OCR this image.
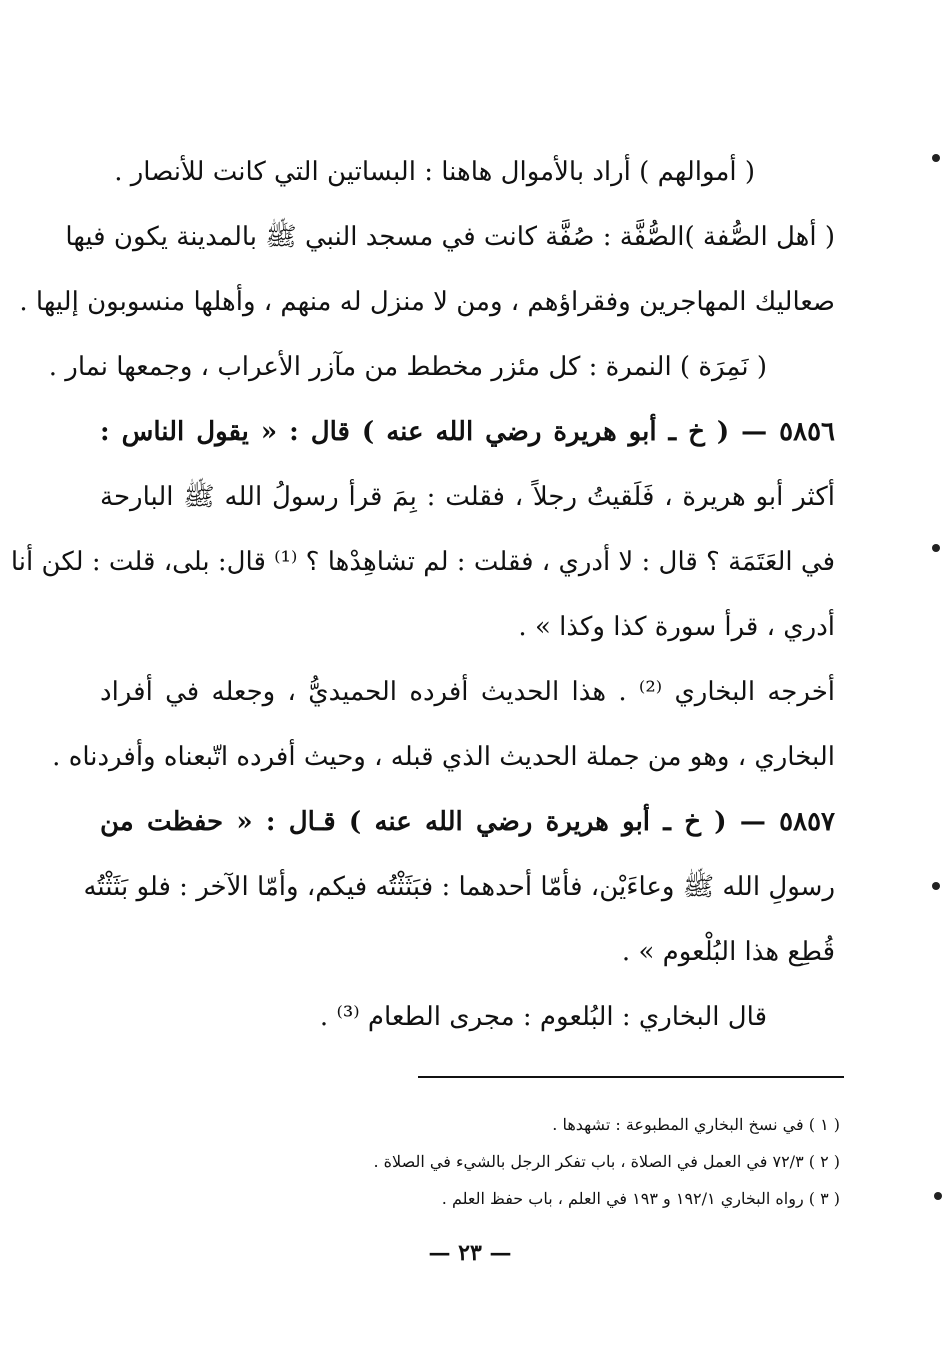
( أموالهم ) أراد بالأموال هاهنا : البساتين التي كانت للأنصار .
( أهل الصُّفة )الصُّفَّة : صُفَّة كانت في مسجد النبي ﷺ بالمدينة يكون فيها
صعاليك المهاجرين وفقراؤهم ، ومن لا منزل له منهم ، وأهلها منسوبون إليها .
( نَمِرَة ) النمرة : كل مئزر مخطط من مآزر الأعراب ، وجمعها نمار .
٥٨٥٦ — ( خ ـ أبو هريرة رضي الله عنه ) قال : « يقول الناس :
أكثر أبو هريرة ، فَلَقيتُ رجلاً ، فقلت : بِمَ قرأ رسولُ الله ﷺ البارحة
في العَتَمَة ؟ قال : لا أدري ، فقلت : لم تشاهِدْها ؟ ⁽¹⁾ قال: بلى، قلت : لكن أنا
أدري ، قرأ سورة كذا وكذا » .
أخرجه البخاري ⁽²⁾ . هذا الحديث أفرده الحميديُّ ، وجعله في أفراد
البخاري ، وهو من جملة الحديث الذي قبله ، وحيث أفرده اتّبعناه وأفردناه .
٥٨٥٧ — ( خ ـ أبو هريرة رضي الله عنه ) قـال : « حفظت من
رسولِ الله ﷺ وعاءَيْن، فأمّا أحدهما : فبَثَثْتُه فيكم، وأمّا الآخر : فلو بَثَثْتُه
قُطِع هذا البُلْعوم » .
قال البخاري : البُلعوم : مجرى الطعام ⁽³⁾ .
( ١ ) في نسخ البخاري المطبوعة : تشهدها .
( ٢ ) ٧٢/٣ في العمل في الصلاة ، باب تفكر الرجل بالشيء في الصلاة .
( ٣ ) رواه البخاري ١٩٢/١ و ١٩٣ في العلم ، باب حفظ العلم .
— ٢٣ —
